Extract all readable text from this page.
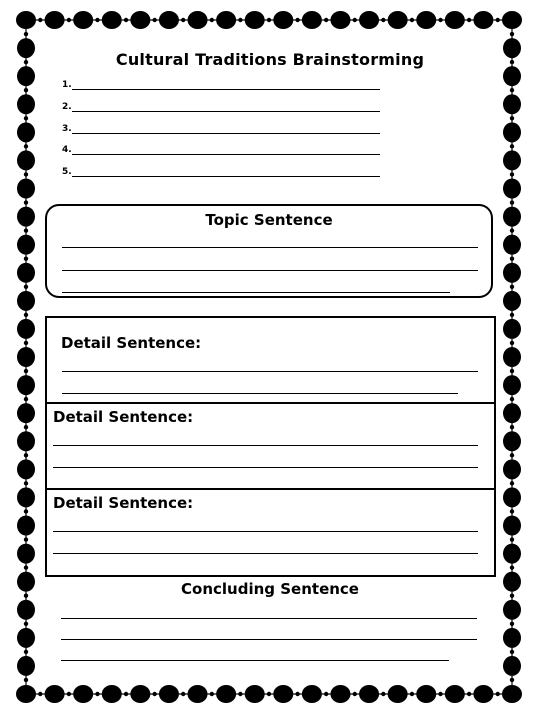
Cultural Traditions Brainstorming
1.
2.
3.
4.
5.
Topic Sentence
Detail Sentence:
Detail Sentence:
Detail Sentence:
Concluding Sentence
